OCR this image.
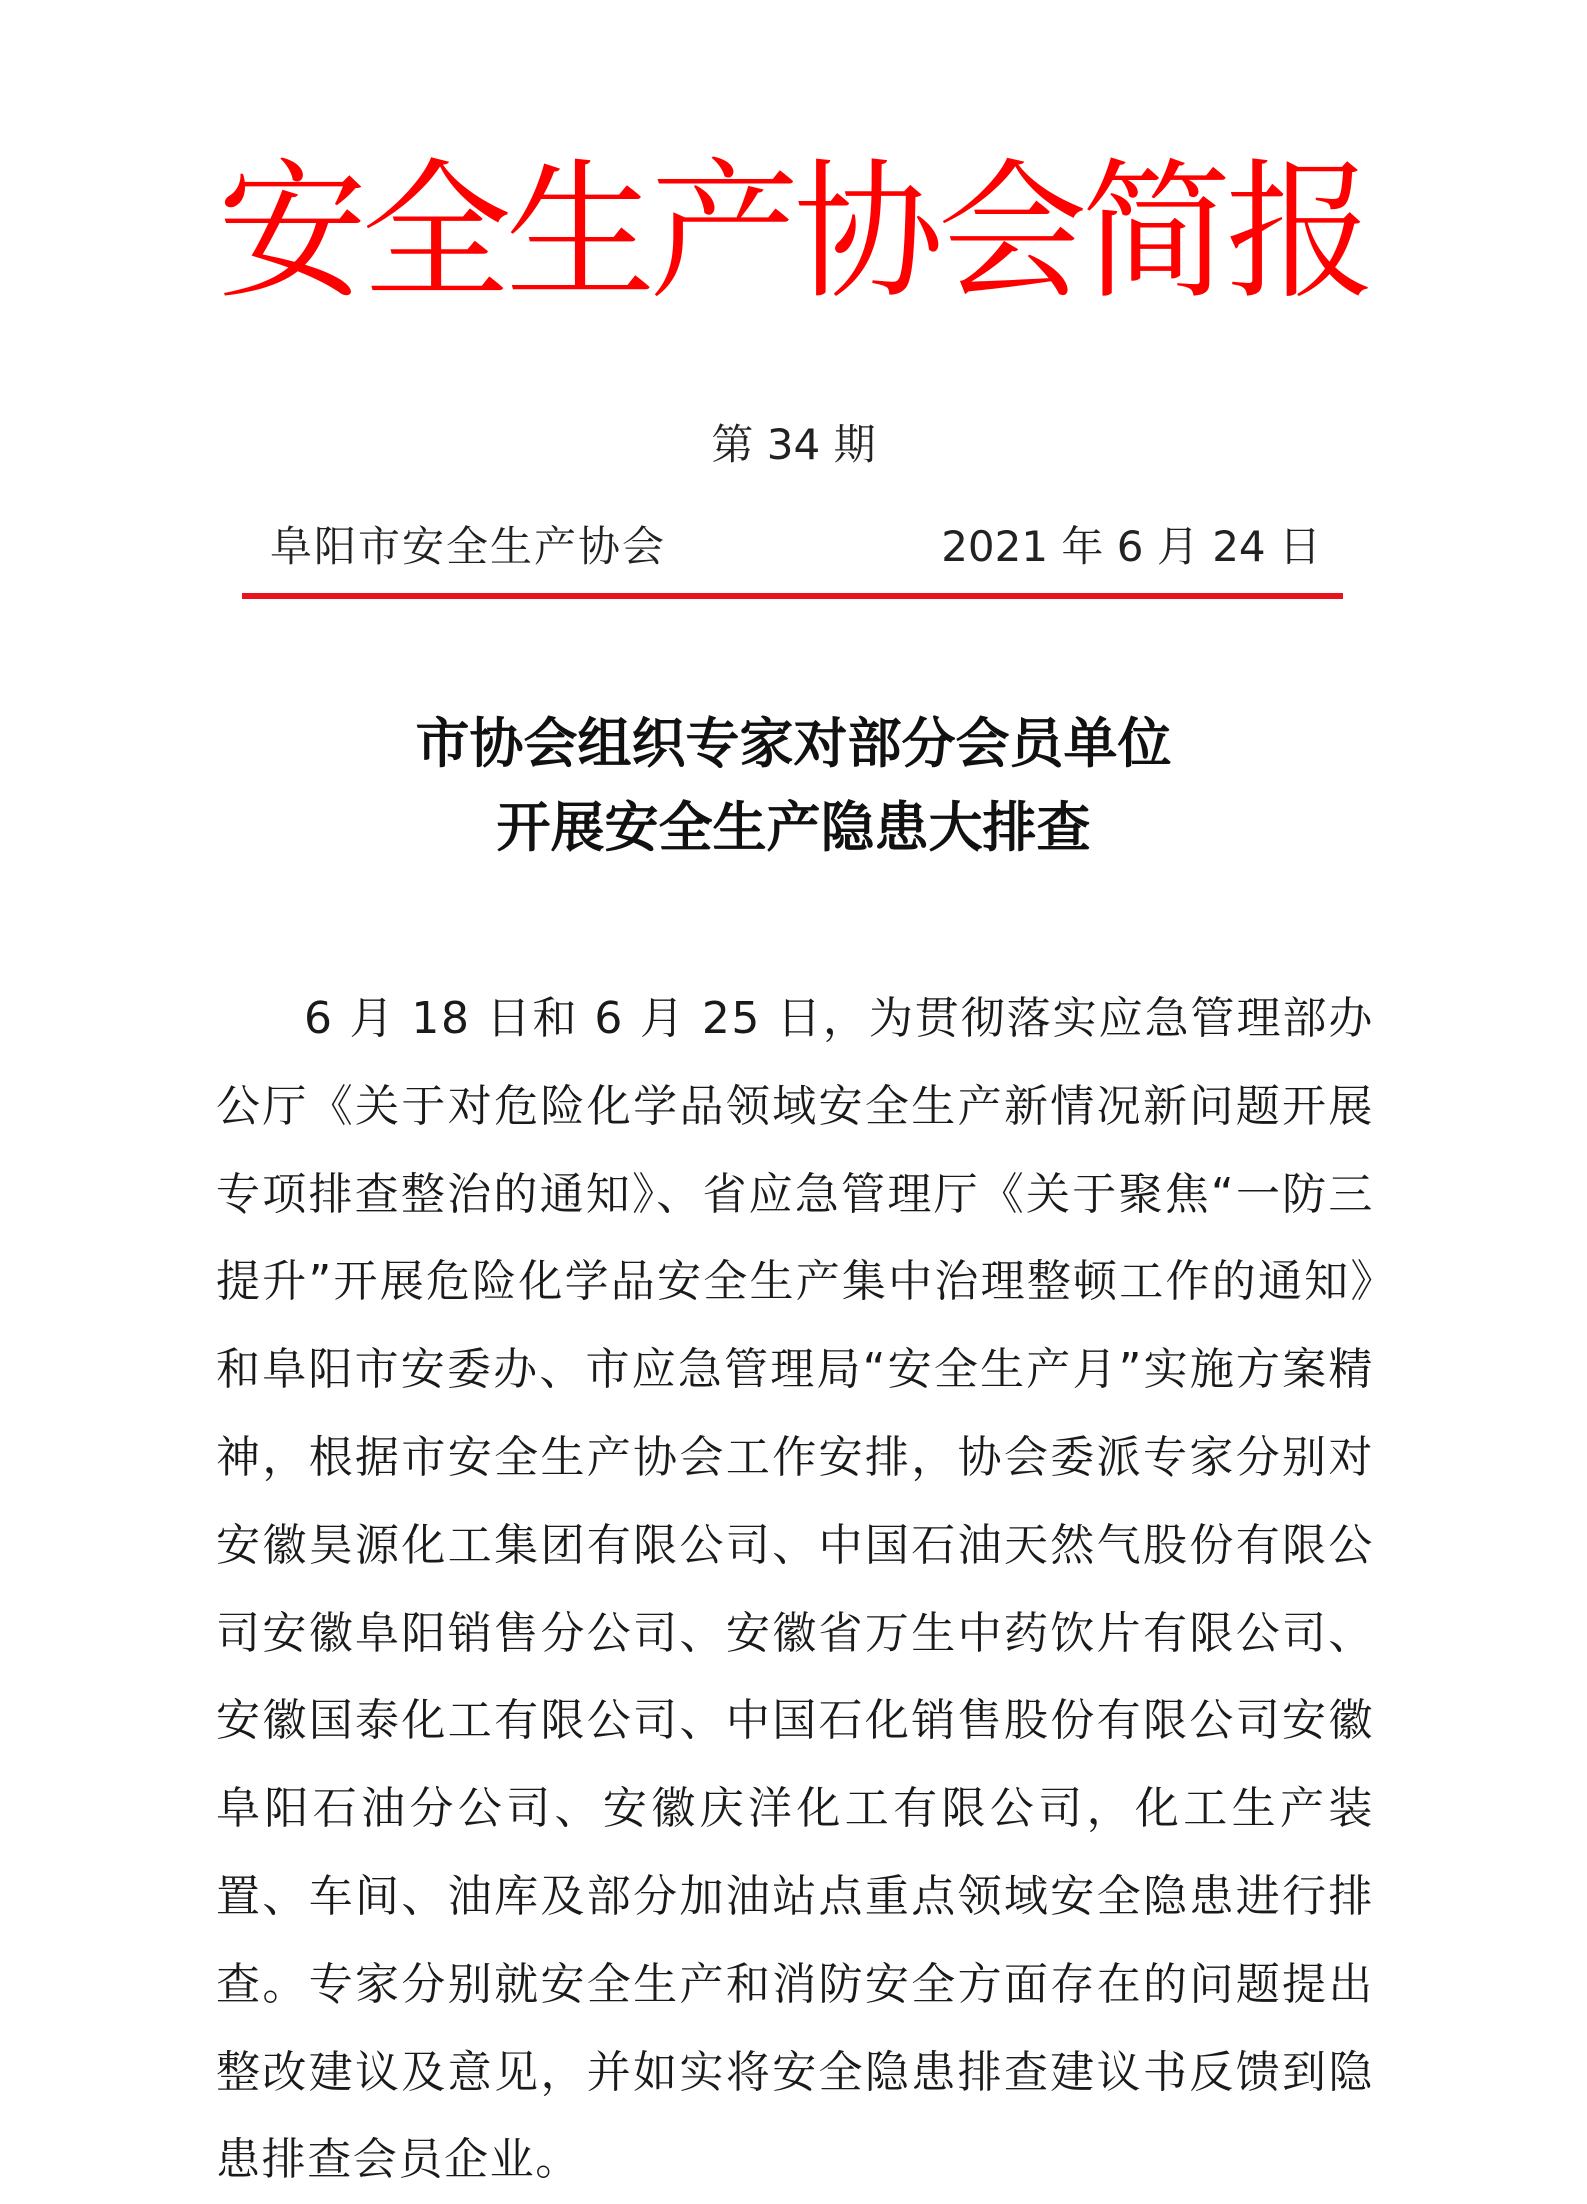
安全生产协会简报
第 34 期
阜阳市安全生产协会	2021 年 6 月 24 日
市协会组织专家对部分会员单位
开展安全生产隐患大排查

6 月 18 日和 6 月 25 日，为贯彻落实应急管理部办公厅《关于对危险化学品领域安全生产新情况新问题开展专项排查整治的通知》、省应急管理厅《关于聚焦“一防三提升”开展危险化学品安全生产集中治理整顿工作的通知》和阜阳市安委办、市应急管理局“安全生产月”实施方案精神，根据市安全生产协会工作安排，协会委派专家分别对安徽昊源化工集团有限公司、中国石油天然气股份有限公司安徽阜阳销售分公司、安徽省万生中药饮片有限公司、安徽国泰化工有限公司、中国石化销售股份有限公司安徽阜阳石油分公司、安徽庆洋化工有限公司，化工生产装置、车间、油库及部分加油站点重点领域安全隐患进行排查。专家分别就安全生产和消防安全方面存在的问题提出整改建议及意见，并如实将安全隐患排查建议书反馈到隐患排查会员企业。
